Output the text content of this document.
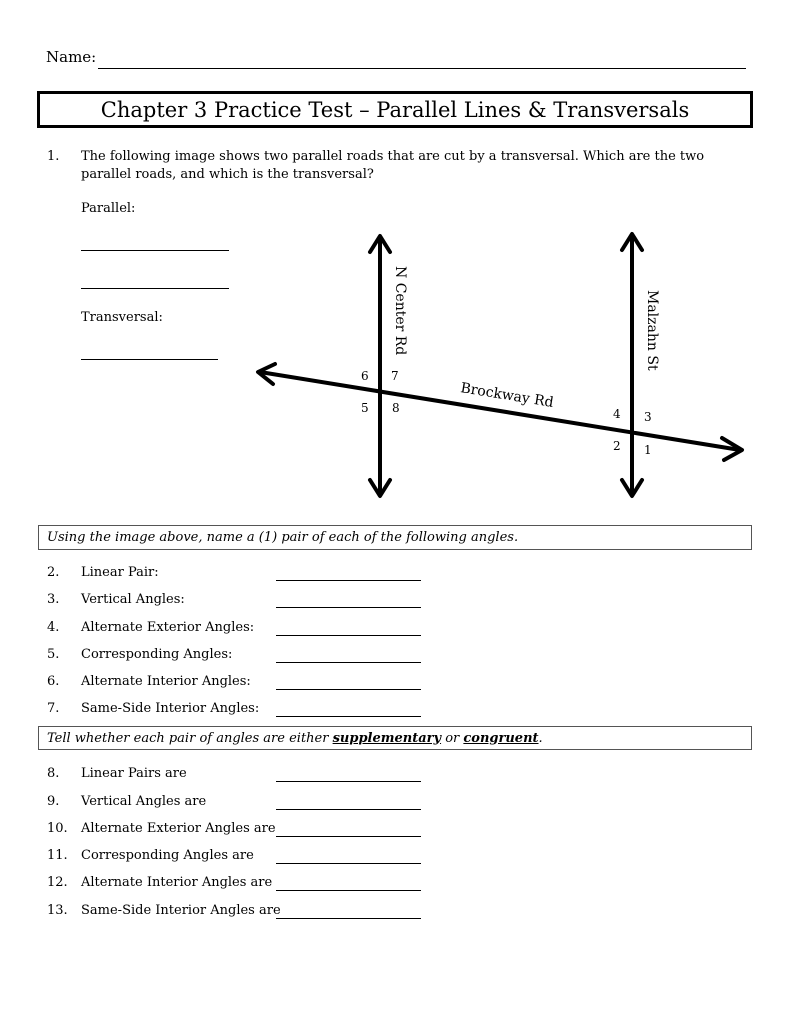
Name:
Chapter 3 Practice Test – Parallel Lines & Transversals
1. The following image shows two parallel roads that are cut by a transversal. Which are the two
parallel roads, and which is the transversal?
Parallel:
Transversal:	N Center Rd	Malzahn St
Brockway Rd
6 7
5 8	4 3
2 1
Using the image above, name a (1) pair of each of the following angles.
2. Linear Pair:
3. Vertical Angles:
4. Alternate Exterior Angles:
5. Corresponding Angles:
6. Alternate Interior Angles:
7. Same-Side Interior Angles:
Tell whether each pair of angles are either supplementary or congruent .
8. Linear Pairs are
9. Vertical Angles are
10. Alternate Exterior Angles are
11. Corresponding Angles are
12. Alternate Interior Angles are
13. Same-Side Interior Angles are
